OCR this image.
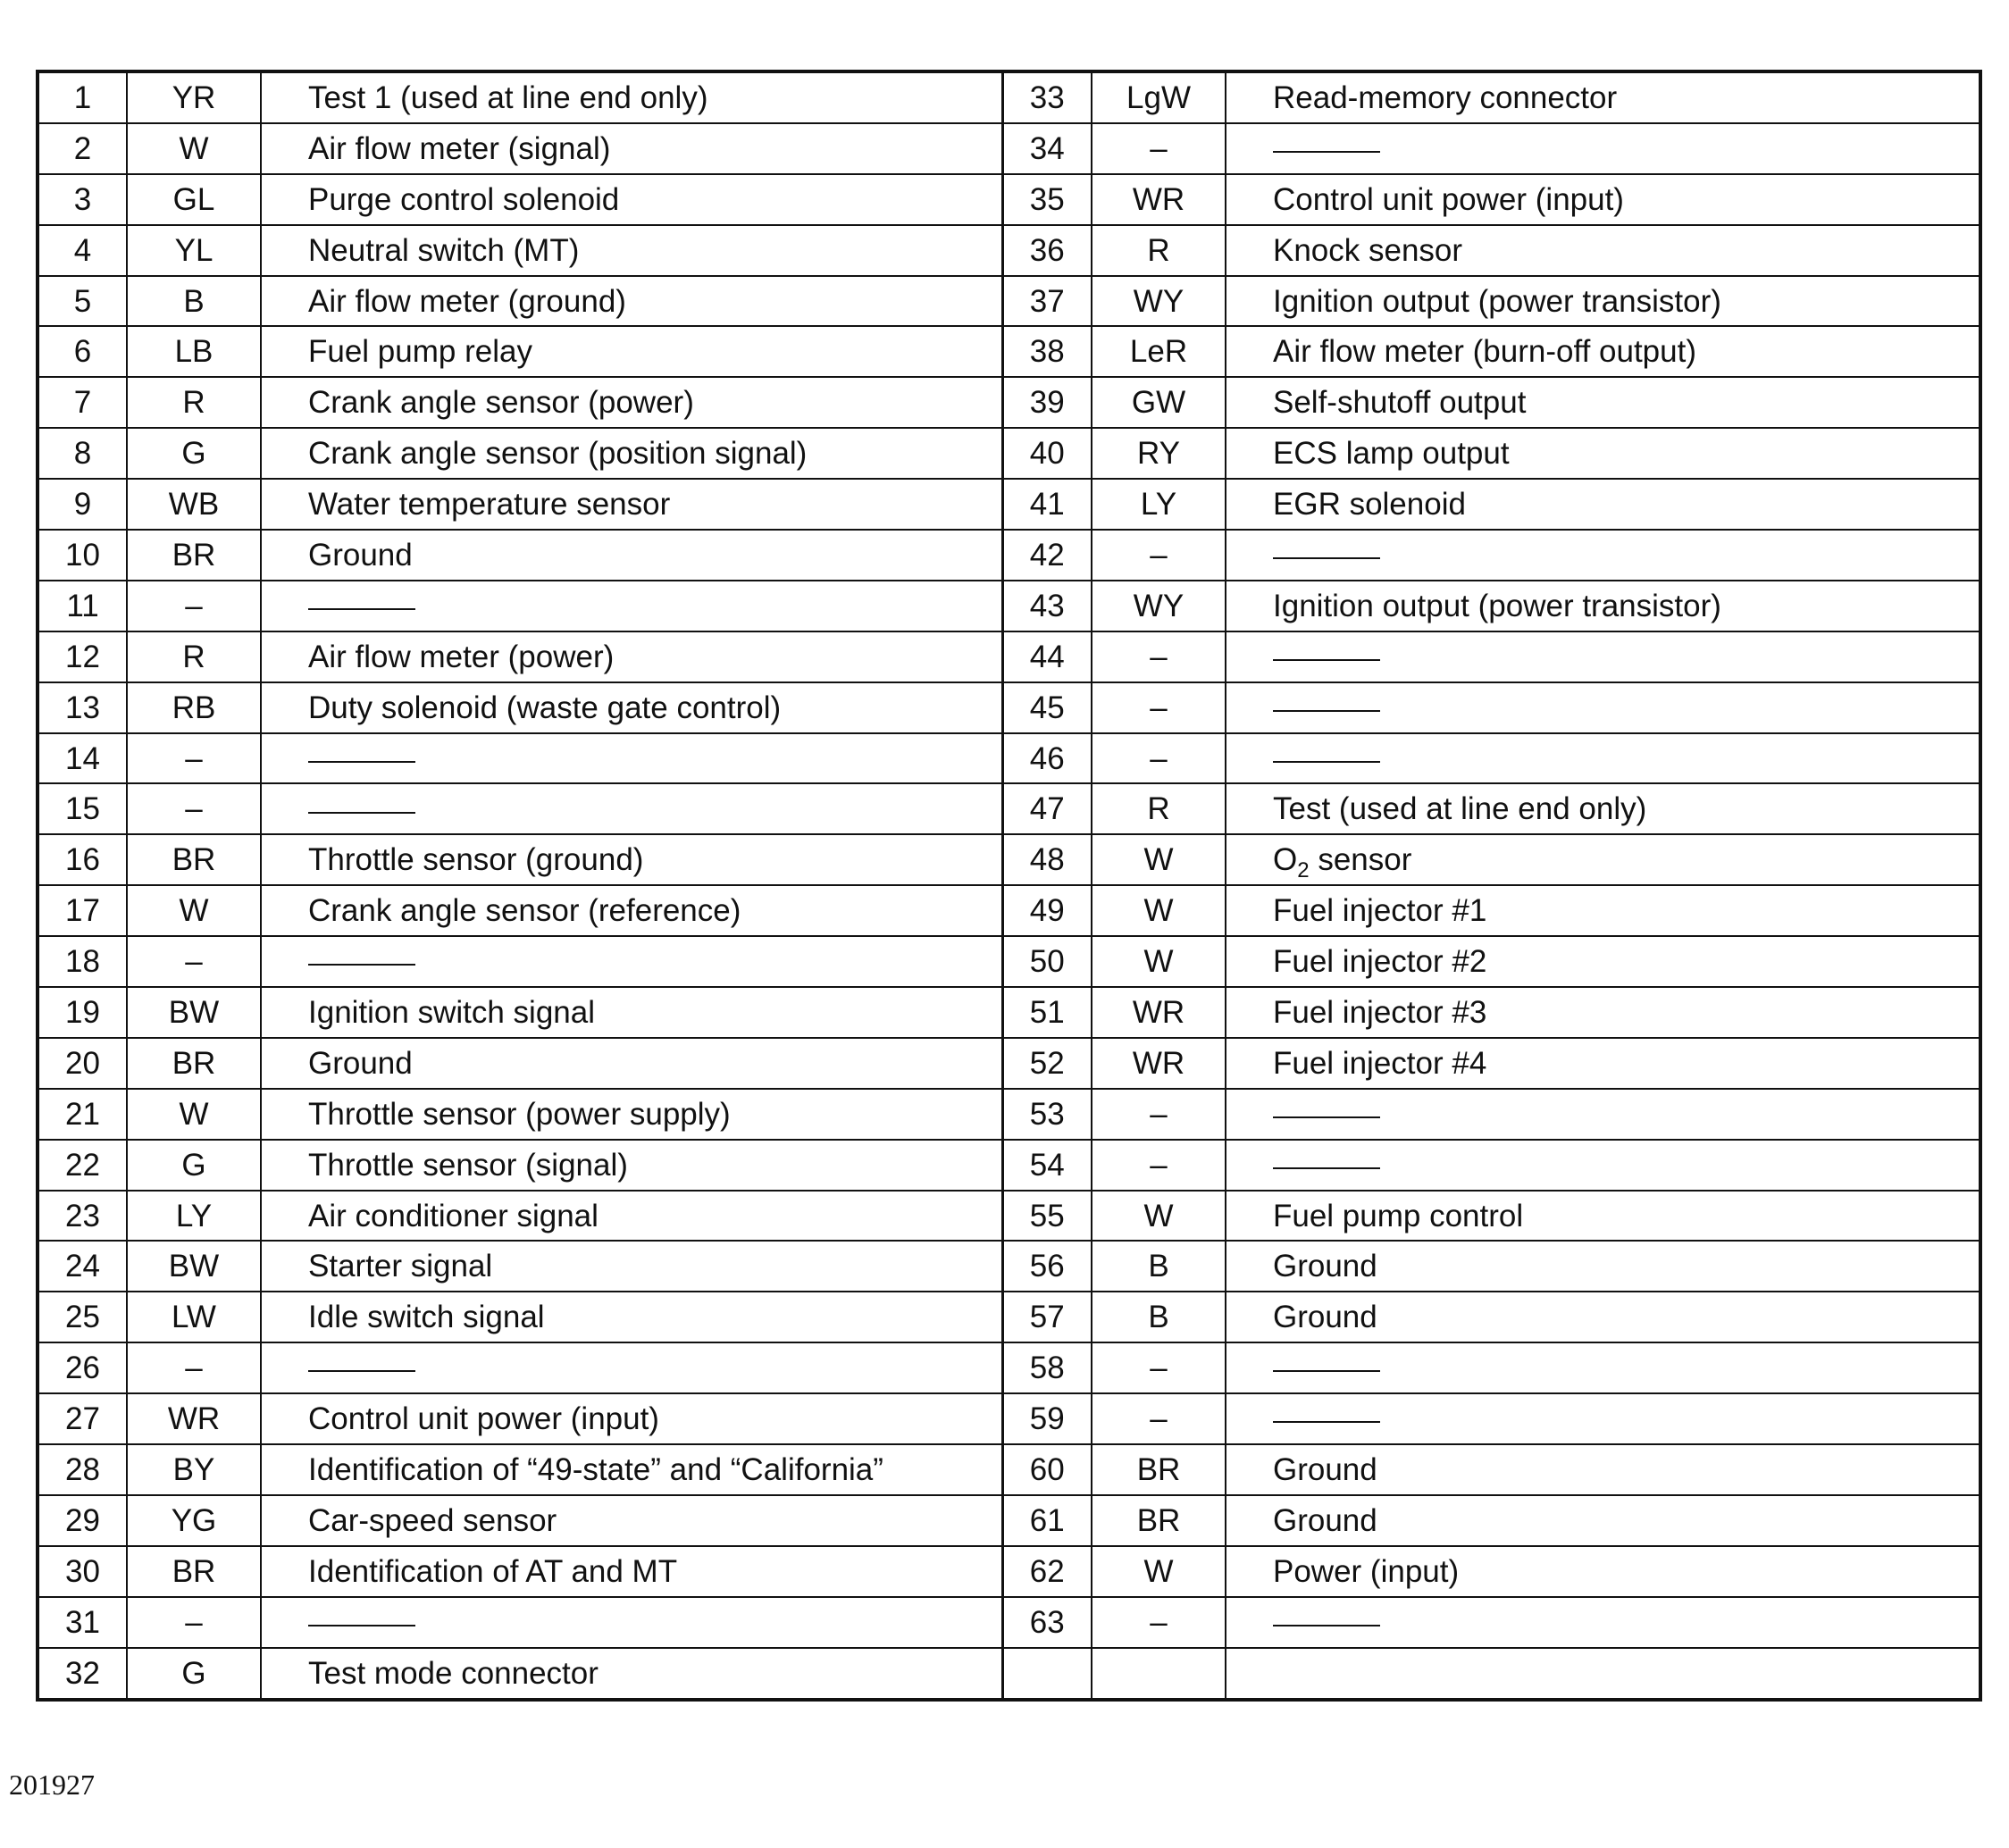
1	YR	Test 1 (used at line end only)	33	LgW	Read-memory connector
2	W	Air flow meter (signal)	34	–	
3	GL	Purge control solenoid	35	WR	Control unit power (input)
4	YL	Neutral switch (MT)	36	R	Knock sensor
5	B	Air flow meter (ground)	37	WY	Ignition output (power transistor)
6	LB	Fuel pump relay	38	LeR	Air flow meter (burn-off output)
7	R	Crank angle sensor (power)	39	GW	Self-shutoff output
8	G	Crank angle sensor (position signal)	40	RY	ECS lamp output
9	WB	Water temperature sensor	41	LY	EGR solenoid
10	BR	Ground	42	–	
11	–		43	WY	Ignition output (power transistor)
12	R	Air flow meter (power)	44	–	
13	RB	Duty solenoid (waste gate control)	45	–	
14	–		46	–	
15	–		47	R	Test (used at line end only)
16	BR	Throttle sensor (ground)	48	W	$O_2$ sensor
17	W	Crank angle sensor (reference)	49	W	Fuel injector #1
18	–		50	W	Fuel injector #2
19	BW	Ignition switch signal	51	WR	Fuel injector #3
20	BR	Ground	52	WR	Fuel injector #4
21	W	Throttle sensor (power supply)	53	–	
22	G	Throttle sensor (signal)	54	–	
23	LY	Air conditioner signal	55	W	Fuel pump control
24	BW	Starter signal	56	B	Ground
25	LW	Idle switch signal	57	B	Ground
26	–		58	–	
27	WR	Control unit power (input)	59	–	
28	BY	Identification of “49-state” and “California”	60	BR	Ground
29	YG	Car-speed sensor	61	BR	Ground
30	BR	Identification of AT and MT	62	W	Power (input)
31	–		63	–	
32	G	Test mode connector			
201927
